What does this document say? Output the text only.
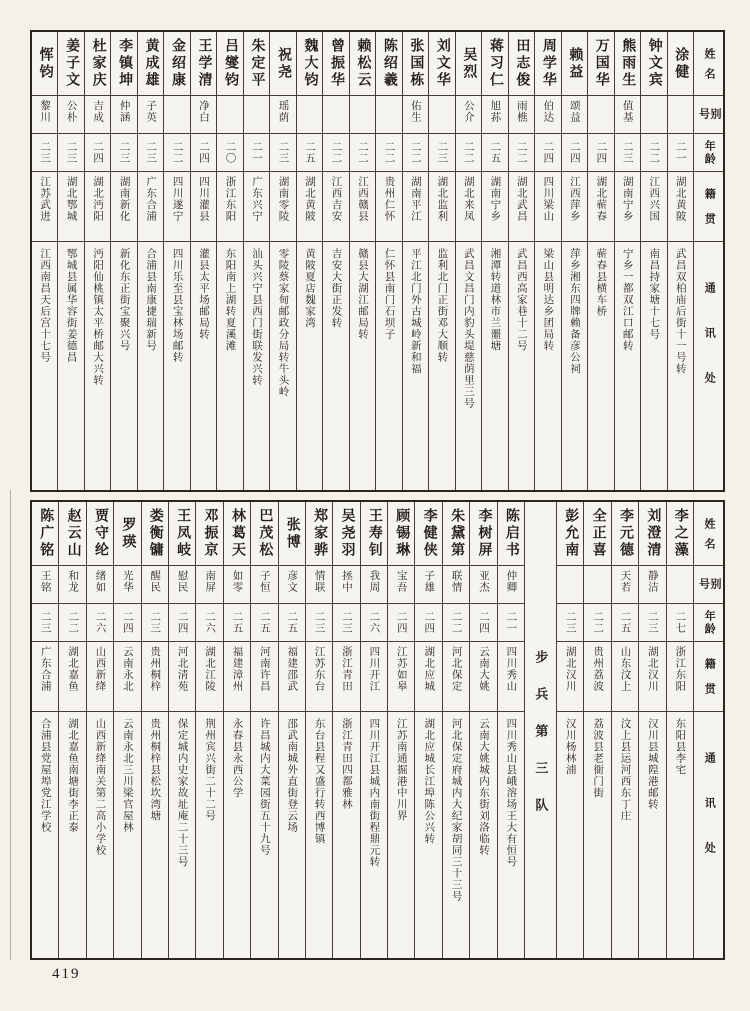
姓名
别号
年龄
籍贯
通讯处
涂健
二一
湖北黄陂
武昌双柏庙后街十一号转
钟文宾
二二
江西兴国
南昌持家塘十七号
熊雨生
值基
二三
湖南宁乡
宁乡一都双江口邮转
万国华
二四
湖北蕲春
蕲春县横车桥
赖益
颂益
二四
江西萍乡
萍乡湘东四牌赖备彦公祠
周学华
伯达
二四
四川梁山
梁山县明达乡团局转
田志俊
雨樵
二二
湖北武昌
武昌西高家巷十二号
蒋习仁
旭荪
二五
湖南宁乡
湘潭转道林市兰噩塘
吴烈
公介
二二
湖北来凤
武昌文昌门内豹头堤慈荫里三号
刘文华
二三
湖北监利
监利北门正街邓大顺转
张国栋
佑生
二二
湖南平江
平江北门外古城岭新和福
陈绍羲
二二
贵州仁怀
仁怀县南门石坝子
赖松云
二二
江西赣县
赣县大湖江邮局转
曾振华
二二
江西吉安
吉安大街正发转
魏大钧
二五
湖北黄陂
黄陂夏店魏家湾
祝尧
瑶荫
二三
湖南零陵
零陵蔡家甸邮政分局转牛头岭
朱定平
二一
广东兴宁
汕头兴宁县西门街联发兴转
吕燮钧
二〇
浙江东阳
东阳南上湖转夏溪滩
王学清
净白
二四
四川灌县
灌县太平场邮局转
金绍康
二二
四川遂宁
四川乐至县宝林场邮转
黄成雄
子英
二三
广东合浦
合浦县南康捷瑞新号
李镇坤
仲涵
二三
湖南新化
新化东正街宝聚兴号
杜家庆
吉成
二四
湖北沔阳
沔阳仙桃镇太平桥邮大兴转
姜子文
公朴
二三
湖北鄂城
鄂城县属华容街姜德昌
恽钧
黎川
二三
江苏武进
江西南昌天后宫十七号
姓名
别号
年龄
籍贯
通讯处
李之藻
二七
浙江东阳
东阳县李宅
刘澄清
静洁
二三
湖北汉川
汉川县城隍港邮转
李元德
天若
二五
山东汶上
汶上县运河西东丁庄
全正喜
二二
贵州荔波
荔波县老衙门街
彭允南
二三
湖北汉川
汉川杨林浦
步兵第三队
陈启书
仲卿
二一
四川秀山
四川秀山县峨溶场王大有恒号
李树屏
亚杰
二四
云南大姚
云南大姚城内东街刘洛临转
朱黛第
联情
二二
河北保定
河北保定府城内大纪家胡同三十三号
李健侠
子雄
二四
湖北应城
湖北应城长江埠陈公兴转
顾锡琳
宝吾
二四
江苏如皋
江苏南通掘港中川界
王寿钊
我周
二六
四川开江
四川开江县城内南街程鼎元转
吴尧羽
拯中
二三
浙江青田
浙江青田四都雅林
郑家骅
情联
二三
江苏东台
东台县程又盛行转西博镇
张博
彦文
二五
福建邵武
邵武南城外直街登云场
巴茂松
子恒
二五
河南许昌
许昌城内大菜园街五十九号
林葛天
如零
二五
福建漳州
永春县永西公学
邓振京
南屏
二六
湖北江陵
荆州宾兴街二十二号
王凤岐
慰民
二四
河北清苑
保定城内史家故址庵二十三号
娄衡镛
醒民
二三
贵州桐梓
贵州桐梓县松坎湾塘
罗瑛
光华
二四
云南永北
云南永北三川梁官屋林
贾守纶
绪如
二六
山西新绛
山西新绛南关第二高小学校
赵云山
和龙
二二
湖北嘉鱼
湖北嘉鱼南塘街李正泰
陈广铭
王铭
二三
广东合浦
合浦县党屋埠党江学校
419
